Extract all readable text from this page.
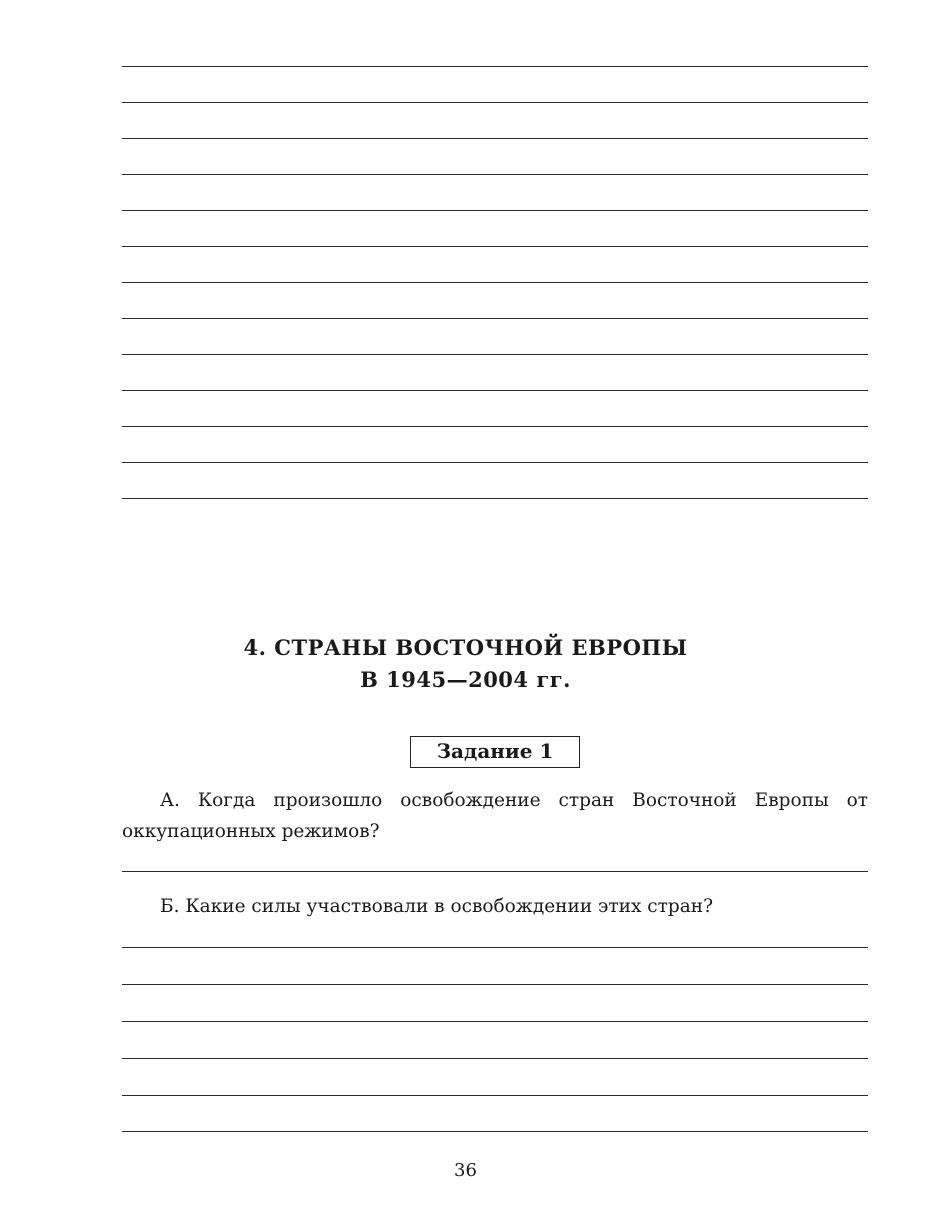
4. СТРАНЫ ВОСТОЧНОЙ ЕВРОПЫ
В 1945—2004 гг.
Задание 1
А. Когда произошло освобождение стран Восточной Европы от оккупационных режимов?
Б. Какие силы участвовали в освобождении этих стран?
36
